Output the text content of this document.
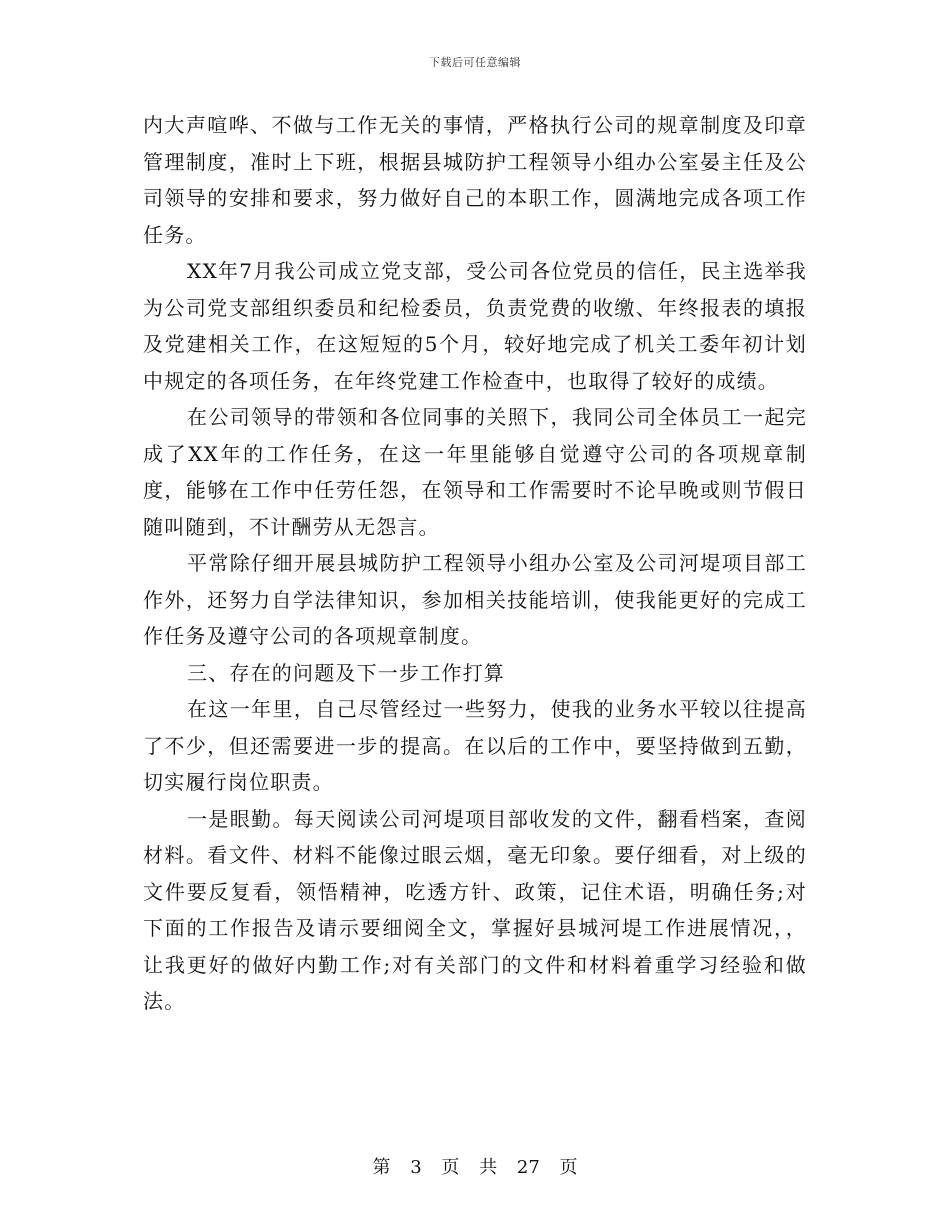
下载后可任意编辑

内大声喧哗、不做与工作无关的事情，严格执行公司的规章制度及印章管理制度，准时上下班，根据县城防护工程领导小组办公室晏主任及公司领导的安排和要求，努力做好自己的本职工作，圆满地完成各项工作任务。

XX年7月我公司成立党支部，受公司各位党员的信任，民主选举我为公司党支部组织委员和纪检委员，负责党费的收缴、年终报表的填报及党建相关工作，在这短短的5个月，较好地完成了机关工委年初计划中规定的各项任务，在年终党建工作检查中，也取得了较好的成绩。

在公司领导的带领和各位同事的关照下，我同公司全体员工一起完成了XX年的工作任务，在这一年里能够自觉遵守公司的各项规章制度，能够在工作中任劳任怨，在领导和工作需要时不论早晚或则节假日随叫随到，不计酬劳从无怨言。

平常除仔细开展县城防护工程领导小组办公室及公司河堤项目部工作外，还努力自学法律知识，参加相关技能培训，使我能更好的完成工作任务及遵守公司的各项规章制度。

三、存在的问题及下一步工作打算

在这一年里，自己尽管经过一些努力，使我的业务水平较以往提高了不少，但还需要进一步的提高。在以后的工作中，要坚持做到五勤，切实履行岗位职责。

一是眼勤。每天阅读公司河堤项目部收发的文件，翻看档案，查阅材料。看文件、材料不能像过眼云烟，毫无印象。要仔细看，对上级的文件要反复看，领悟精神，吃透方针、政策，记住术语，明确任务;对下面的工作报告及请示要细阅全文，掌握好县城河堤工作进展情况，，让我更好的做好内勤工作;对有关部门的文件和材料着重学习经验和做法。

第 3 页 共 27 页
